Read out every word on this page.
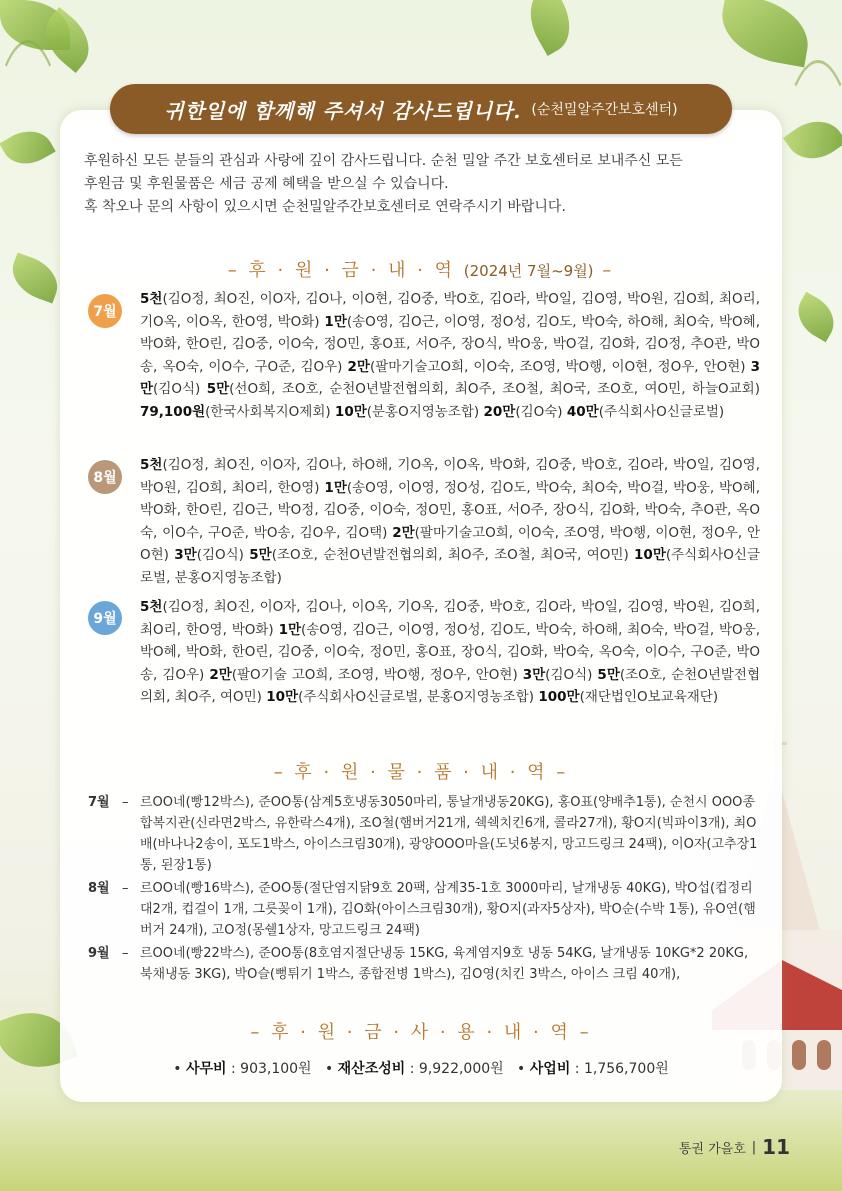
귀한일에 함께해 주셔서 감사드립니다. (순천밀알주간보호센터)
후원하신 모든 분들의 관심과 사랑에 깊이 감사드립니다. 순천 밀알 주간 보호센터로 보내주신 모든
후원금 및 후원물품은 세금 공제 혜택을 받으실 수 있습니다.
혹 착오나 문의 사항이 있으시면 순천밀알주간보호센터로 연락주시기 바랍니다.
– 후 · 원 · 금 · 내 · 역 (2024년 7월~9월) –
7월
5천(김O정, 최O진, 이O자, 김O나, 이O현, 김O중, 박O호, 김O라, 박O일, 김O영, 박O원, 김O희, 최O리, 기O옥, 이O옥, 한O영, 박O화) 1만(송O영, 김O근, 이O영, 정O성, 김O도, 박O숙, 하O해, 최O숙, 박O혜, 박O화, 한O린, 김O중, 이O숙, 정O민, 홍O표, 서O주, 장O식, 박O웅, 박O걸, 김O화, 김O정, 추O관, 박O송, 옥O숙, 이O수, 구O준, 김O우) 2만(팔마기술고O희, 이O숙, 조O영, 박O행, 이O현, 정O우, 안O현) 3만(김O식) 5만(선O희, 조O호, 순천O년발전협의회, 최O주, 조O철, 최O국, 조O호, 여O민, 하늘O교회) 79,100원(한국사회복지O제회) 10만(분홍O지영농조합) 20만(김O숙) 40만(주식회사O신글로벌)
8월
5천(김O정, 최O진, 이O자, 김O나, 하O해, 기O옥, 이O옥, 박O화, 김O중, 박O호, 김O라, 박O일, 김O영, 박O원, 김O희, 최O리, 한O영) 1만(송O영, 이O영, 정O성, 김O도, 박O숙, 최O숙, 박O걸, 박O웅, 박O혜, 박O화, 한O린, 김O근, 박O정, 김O중, 이O숙, 정O민, 홍O표, 서O주, 장O식, 김O화, 박O숙, 추O관, 옥O숙, 이O수, 구O준, 박O송, 김O우, 김O택) 2만(팔마기술고O희, 이O숙, 조O영, 박O행, 이O현, 정O우, 안O현) 3만(김O식) 5만(조O호, 순천O년발전협의회, 최O주, 조O철, 최O국, 여O민) 10만(주식회사O신글로벌, 분홍O지영농조합)
9월
5천(김O정, 최O진, 이O자, 김O나, 이O옥, 기O옥, 김O중, 박O호, 김O라, 박O일, 김O영, 박O원, 김O희, 최O리, 한O영, 박O화) 1만(송O영, 김O근, 이O영, 정O성, 김O도, 박O숙, 하O해, 최O숙, 박O걸, 박O웅, 박O혜, 박O화, 한O린, 김O중, 이O숙, 정O민, 홍O표, 장O식, 김O화, 박O숙, 옥O숙, 이O수, 구O준, 박O송, 김O우) 2만(팔O기술 고O희, 조O영, 박O행, 정O우, 안O현) 3만(김O식) 5만(조O호, 순천O년발전협의회, 최O주, 여O민) 10만(주식회사O신글로벌, 분홍O지영농조합) 100만(재단법인O보교육재단)
– 후 · 원 · 물 · 품 · 내 · 역 –
7월 – 르OO네(빵12박스), 준OO통(삼계5호냉동3050마리, 통날개냉동20KG), 홍O표(양배추1통), 순천시 OOO종합복지관(신라면2박스, 유한락스4개), 조O철(햄버거21개, 쉑쉑치킨6개, 콜라27개), 황O지(빅파이3개), 최O배(바나나2송이, 포도1박스, 아이스크림30개), 광양OOO마을(도넛6봉지, 망고드링크 24팩), 이O자(고추장1통, 된장1통)
8월 – 르OO네(빵16박스), 준OO통(절단염지닭9호 20팩, 삼계35-1호 3000마리, 날개냉동 40KG), 박O섭(컵정리대2개, 컵걸이 1개, 그릇꽂이 1개), 김O화(아이스크림30개), 황O지(과자5상자), 박O순(수박 1통), 유O연(햄버거 24개), 고O정(몽쉘1상자, 망고드링크 24팩)
9월 – 르OO네(빵22박스), 준OO통(8호염지절단냉동 15KG, 육계염지9호 냉동 54KG, 날개냉동 10KG*2 20KG, 북채냉동 3KG), 박O슬(뻥튀기 1박스, 종합전병 1박스), 김O영(치킨 3박스, 아이스 크림 40개),
– 후 · 원 · 금 · 사 · 용 · 내 · 역 –
• 사무비 : 903,100원 • 재산조성비 : 9,922,000원 • 사업비 : 1,756,700원
통권 가을호 | 11
